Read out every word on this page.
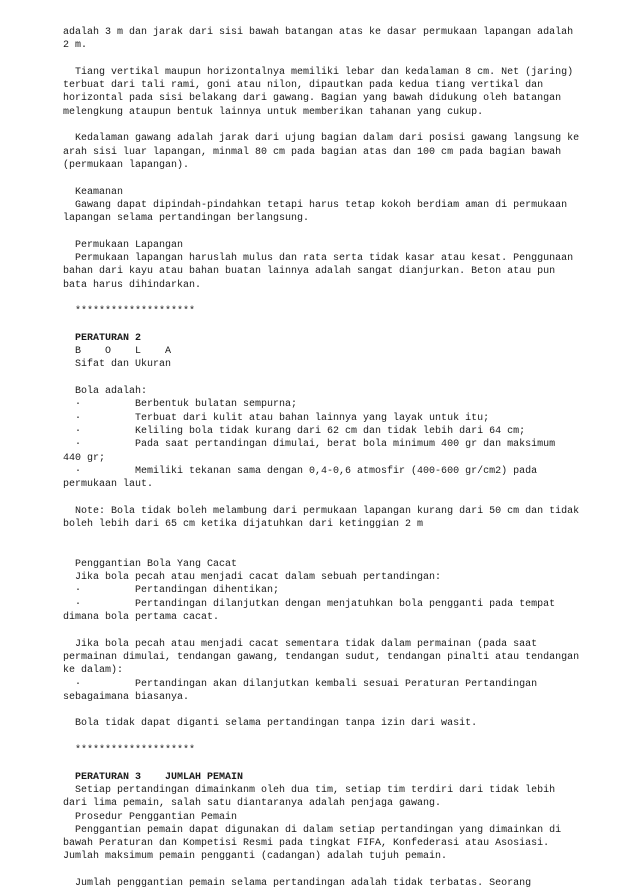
adalah 3 m dan jarak dari sisi bawah batangan atas ke dasar permukaan lapangan adalah
2 m.
Tiang vertikal maupun horizontalnya memiliki lebar dan kedalaman 8 cm. Net (jaring)
terbuat dari tali rami, goni atau nilon, dipautkan pada kedua tiang vertikal dan
horizontal pada sisi belakang dari gawang. Bagian yang bawah didukung oleh batangan
melengkung ataupun bentuk lainnya untuk memberikan tahanan yang cukup.
Kedalaman gawang adalah jarak dari ujung bagian dalam dari posisi gawang langsung ke
arah sisi luar lapangan, minmal 80 cm pada bagian atas dan 100 cm pada bagian bawah
(permukaan lapangan).
Keamanan
Gawang dapat dipindah-pindahkan tetapi harus tetap kokoh berdiam aman di permukaan
lapangan selama pertandingan berlangsung.
Permukaan Lapangan
Permukaan lapangan haruslah mulus dan rata serta tidak kasar atau kesat. Penggunaan
bahan dari kayu atau bahan buatan lainnya adalah sangat dianjurkan. Beton atau pun
bata harus dihindarkan.
********************
PERATURAN 2
B    O    L    A
Sifat dan Ukuran
Bola adalah:
·         Berbentuk bulatan sempurna;
·         Terbuat dari kulit atau bahan lainnya yang layak untuk itu;
·         Keliling bola tidak kurang dari 62 cm dan tidak lebih dari 64 cm;
·         Pada saat pertandingan dimulai, berat bola minimum 400 gr dan maksimum
440 gr;
·         Memiliki tekanan sama dengan 0,4-0,6 atmosfir (400-600 gr/cm2) pada
permukaan laut.
Note: Bola tidak boleh melambung dari permukaan lapangan kurang dari 50 cm dan tidak
boleh lebih dari 65 cm ketika dijatuhkan dari ketinggian 2 m
Penggantian Bola Yang Cacat
Jika bola pecah atau menjadi cacat dalam sebuah pertandingan:
·         Pertandingan dihentikan;
·         Pertandingan dilanjutkan dengan menjatuhkan bola pengganti pada tempat
dimana bola pertama cacat.
Jika bola pecah atau menjadi cacat sementara tidak dalam permainan (pada saat
permainan dimulai, tendangan gawang, tendangan sudut, tendangan pinalti atau tendangan
ke dalam):
·         Pertandingan akan dilanjutkan kembali sesuai Peraturan Pertandingan
sebagaimana biasanya.
Bola tidak dapat diganti selama pertandingan tanpa izin dari wasit.
********************
PERATURAN 3    JUMLAH PEMAIN
Setiap pertandingan dimainkanm oleh dua tim, setiap tim terdiri dari tidak lebih
dari lima pemain, salah satu diantaranya adalah penjaga gawang.
Prosedur Penggantian Pemain
Penggantian pemain dapat digunakan di dalam setiap pertandingan yang dimainkan di
bawah Peraturan dan Kompetisi Resmi pada tingkat FIFA, Konfederasi atau Asosiasi.
Jumlah maksimum pemain pengganti (cadangan) adalah tujuh pemain.
Jumlah penggantian pemain selama pertandingan adalah tidak terbatas. Seorang
